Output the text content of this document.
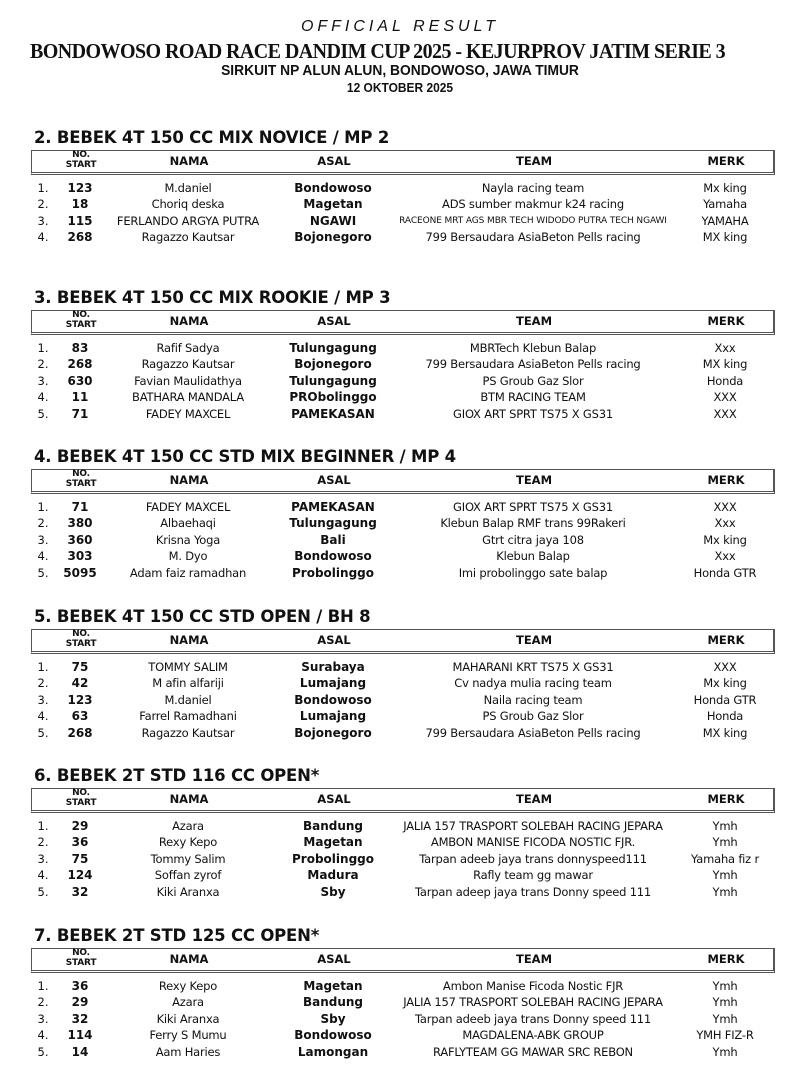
OFFICIAL RESULT
BONDOWOSO ROAD RACE DANDIM CUP 2025 - KEJURPROV JATIM SERIE 3
SIRKUIT NP ALUN ALUN, BONDOWOSO, JAWA TIMUR
12 OKTOBER 2025
2. BEBEK 4T 150 CC MIX NOVICE / MP 2
NO.
START	NAMA	ASAL	TEAM	MERK
1. 123	M.daniel	Bondowoso	Nayla racing team	Mx king
2. 18	Choriq deska	Magetan	ADS sumber makmur k24 racing	Yamaha
3. 115 FERLANDO ARGYA PUTRA	NGAWI	RACEONE MRT AGS MBR TECH WIDODO PUTRA TECH NGAWI	YAMAHA
4. 268	Ragazzo Kautsar	Bojonegoro	799 Bersaudara AsiaBeton Pells racing	MX king
3. BEBEK 4T 150 CC MIX ROOKIE / MP 3
NO.
START	NAMA	ASAL	TEAM	MERK
1. 83	Rafif Sadya	Tulungagung	MBRTech Klebun Balap	Xxx
2. 268	Ragazzo Kautsar	Bojonegoro	799 Bersaudara AsiaBeton Pells racing	MX king
3. 630	Favian Maulidathya	Tulungagung	PS Groub Gaz Slor	Honda
4. 11	BATHARA MANDALA	PRObolinggo	BTM RACING TEAM	XXX
5. 71	FADEY MAXCEL	PAMEKASAN	GIOX ART SPRT TS75 X GS31	XXX
4. BEBEK 4T 150 CC STD MIX BEGINNER / MP 4
NO.
START	NAMA	ASAL	TEAM	MERK
1. 71	FADEY MAXCEL	PAMEKASAN	GIOX ART SPRT TS75 X GS31	XXX
2. 380	Albaehaqi	Tulungagung	Klebun Balap RMF trans 99Rakeri	Xxx
3. 360	Krisna Yoga	Bali	Gtrt citra jaya 108	Mx king
4. 303	M. Dyo	Bondowoso	Klebun Balap	Xxx
5. 5095	Adam faiz ramadhan	Probolinggo	Imi probolinggo sate balap	Honda GTR
5. BEBEK 4T 150 CC STD OPEN / BH 8
NO.
START	NAMA	ASAL	TEAM	MERK
1. 75	TOMMY SALIM	Surabaya	MAHARANI KRT TS75 X GS31	XXX
2. 42	M afin alfariji	Lumajang	Cv nadya mulia racing team	Mx king
3. 123	M.daniel	Bondowoso	Naila racing team	Honda GTR
4. 63	Farrel Ramadhani	Lumajang	PS Groub Gaz Slor	Honda
5. 268	Ragazzo Kautsar	Bojonegoro	799 Bersaudara AsiaBeton Pells racing	MX king
6. BEBEK 2T STD 116 CC OPEN*
NO.
START	NAMA	ASAL	TEAM	MERK
1. 29	Azara	Bandung	JALIA 157 TRASPORT SOLEBAH RACING JEPARA	Ymh
2. 36	Rexy Kepo	Magetan	AMBON MANISE FICODA NOSTIC FJR.	Ymh
3. 75	Tommy Salim	Probolinggo	Tarpan adeeb jaya trans donnyspeed111	Yamaha fiz r
4. 124	Soffan zyrof	Madura	Rafly team gg mawar	Ymh
5. 32	Kiki Aranxa	Sby	Tarpan adeep jaya trans Donny speed 111	Ymh
7. BEBEK 2T STD 125 CC OPEN*
NO.
START	NAMA	ASAL	TEAM	MERK
1. 36	Rexy Kepo	Magetan	Ambon Manise Ficoda Nostic FJR	Ymh
2. 29	Azara	Bandung	JALIA 157 TRASPORT SOLEBAH RACING JEPARA	Ymh
3. 32	Kiki Aranxa	Sby	Tarpan adeeb jaya trans Donny speed 111	Ymh
4. 114	Ferry S Mumu	Bondowoso	MAGDALENA-ABK GROUP	YMH FIZ-R
5. 14	Aam Haries	Lamongan	RAFLYTEAM GG MAWAR SRC REBON	Ymh
